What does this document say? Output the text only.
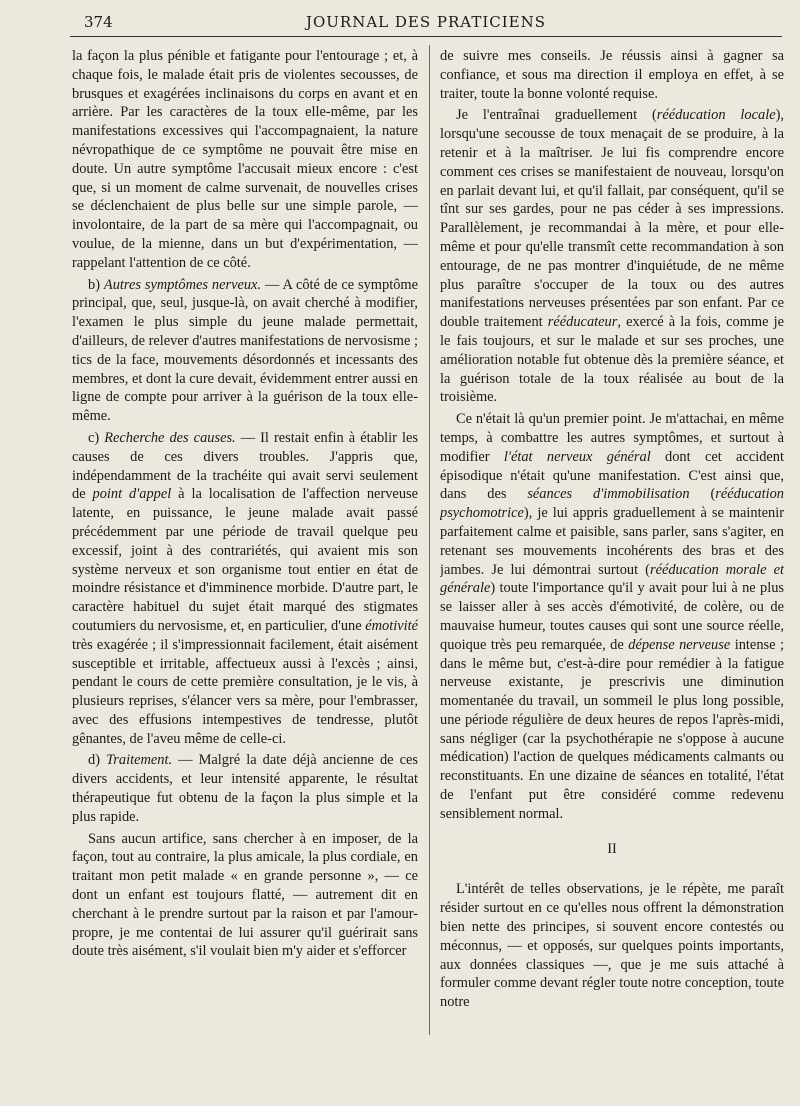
374	JOURNAL DES PRATICIENS

la façon la plus pénible et fatigante pour l'entourage ; et, à chaque fois, le malade était pris de violentes secousses, de brusques et exagérées inclinaisons du corps en avant et en arrière. Par les caractères de la toux elle-même, par les manifestations excessives qui l'accompagnaient, la nature névropathique de ce symptôme ne pouvait être mise en doute. Un autre symptôme l'accusait mieux encore : c'est que, si un moment de calme survenait, de nouvelles crises se déclenchaient de plus belle sur une simple parole, — involontaire, de la part de sa mère qui l'accompagnait, ou voulue, de la mienne, dans un but d'expérimentation, — rappelant l'attention de ce côté.

b) Autres symptômes nerveux. — A côté de ce symptôme principal, que, seul, jusque-là, on avait cherché à modifier, l'examen le plus simple du jeune malade permettait, d'ailleurs, de relever d'autres manifestations de nervosisme ; tics de la face, mouvements désordonnés et incessants des membres, et dont la cure devait, évidemment entrer aussi en ligne de compte pour arriver à la guérison de la toux elle-même.

c) Recherche des causes. — Il restait enfin à établir les causes de ces divers troubles. J'appris que, indépendamment de la trachéite qui avait servi seulement de point d'appel à la localisation de l'affection nerveuse latente, en puissance, le jeune malade avait passé précédemment par une période de travail quelque peu excessif, joint à des contrariétés, qui avaient mis son système nerveux et son organisme tout entier en état de moindre résistance et d'imminence morbide. D'autre part, le caractère habituel du sujet était marqué des stigmates coutumiers du nervosisme, et, en particulier, d'une émotivité très exagérée ; il s'impressionnait facilement, était aisément susceptible et irritable, affectueux aussi à l'excès ; ainsi, pendant le cours de cette première consultation, je le vis, à plusieurs reprises, s'élancer vers sa mère, pour l'embrasser, avec des effusions intempestives de tendresse, plutôt gênantes, de l'aveu même de celle-ci.

d) Traitement. — Malgré la date déjà ancienne de ces divers accidents, et leur intensité apparente, le résultat thérapeutique fut obtenu de la façon la plus simple et la plus rapide.

Sans aucun artifice, sans chercher à en imposer, de la façon, tout au contraire, la plus amicale, la plus cordiale, en traitant mon petit malade « en grande personne », — ce dont un enfant est toujours flatté, — autrement dit en cherchant à le prendre surtout par la raison et par l'amour-propre, je me contentai de lui assurer qu'il guérirait sans doute très aisément, s'il voulait bien m'y aider et s'efforcer

de suivre mes conseils. Je réussis ainsi à gagner sa confiance, et sous ma direction il employa en effet, à se traiter, toute la bonne volonté requise.

Je l'entraînai graduellement (rééducation locale), lorsqu'une secousse de toux menaçait de se produire, à la retenir et à la maîtriser. Je lui fis comprendre encore comment ces crises se manifestaient de nouveau, lorsqu'on en parlait devant lui, et qu'il fallait, par conséquent, qu'il se tînt sur ses gardes, pour ne pas céder à ses impressions. Parallèlement, je recommandai à la mère, et pour elle-même et pour qu'elle transmît cette recommandation à son entourage, de ne pas montrer d'inquiétude, de ne même plus paraître s'occuper de la toux ou des autres manifestations nerveuses présentées par son enfant. Par ce double traitement rééducateur, exercé à la fois, comme je le fais toujours, et sur le malade et sur ses proches, une amélioration notable fut obtenue dès la première séance, et la guérison totale de la toux réalisée au bout de la troisième.

Ce n'était là qu'un premier point. Je m'attachai, en même temps, à combattre les autres symptômes, et surtout à modifier l'état nerveux général dont cet accident épisodique n'était qu'une manifestation. C'est ainsi que, dans des séances d'immobilisation (rééducation psychomotrice), je lui appris graduellement à se maintenir parfaitement calme et paisible, sans parler, sans s'agiter, en retenant ses mouvements incohérents des bras et des jambes. Je lui démontrai surtout (rééducation morale et générale) toute l'importance qu'il y avait pour lui à ne plus se laisser aller à ses accès d'émotivité, de colère, ou de mauvaise humeur, toutes causes qui sont une source réelle, quoique très peu remarquée, de dépense nerveuse intense ; dans le même but, c'est-à-dire pour remédier à la fatigue nerveuse existante, je prescrivis une diminution momentanée du travail, un sommeil le plus long possible, une période régulière de deux heures de repos l'après-midi, sans négliger (car la psychothérapie ne s'oppose à aucune médication) l'action de quelques médicaments calmants ou reconstituants. En une dizaine de séances en totalité, l'état de l'enfant put être considéré comme redevenu sensiblement normal.

II

L'intérêt de telles observations, je le répète, me paraît résider surtout en ce qu'elles nous offrent la démonstration bien nette des principes, si souvent encore contestés ou méconnus, — et opposés, sur quelques points importants, aux données classiques —, que je me suis attaché à formuler comme devant régler toute notre conception, toute notre
